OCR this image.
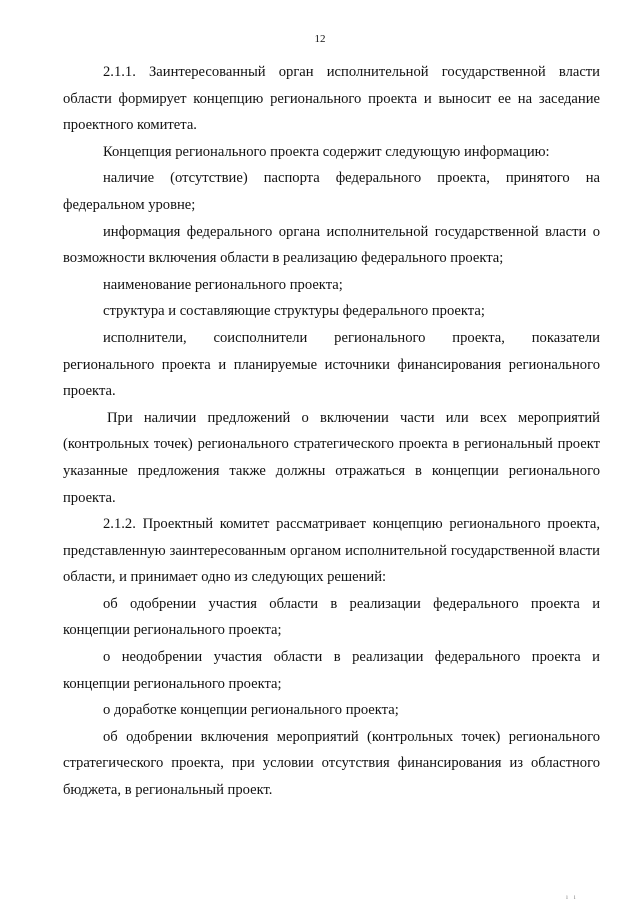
12

2.1.1. Заинтересованный орган исполнительной государственной власти области формирует концепцию регионального проекта и выносит ее на заседание проектного комитета.

Концепция регионального проекта содержит следующую информацию:

наличие (отсутствие) паспорта федерального проекта, принятого на федеральном уровне;

информация федерального органа исполнительной государственной власти о возможности включения области в реализацию федерального проекта;

наименование регионального проекта;

структура и составляющие структуры федерального проекта;

исполнители, соисполнители регионального проекта, показатели регионального проекта и планируемые источники финансирования регионального проекта.

При наличии предложений о включении части или всех мероприятий (контрольных точек) регионального стратегического проекта в региональный проект указанные предложения также должны отражаться в концепции регионального проекта.

2.1.2. Проектный комитет рассматривает концепцию регионального проекта, представленную заинтересованным органом исполнительной государственной власти области, и принимает одно из следующих решений:

об одобрении участия области в реализации федерального проекта и концепции регионального проекта;

о неодобрении участия области в реализации федерального проекта и концепции регионального проекта;

о доработке концепции регионального проекта;

об одобрении включения мероприятий (контрольных точек) регионального стратегического проекта, при условии отсутствия финансирования из областного бюджета, в региональный проект.

ı ı
